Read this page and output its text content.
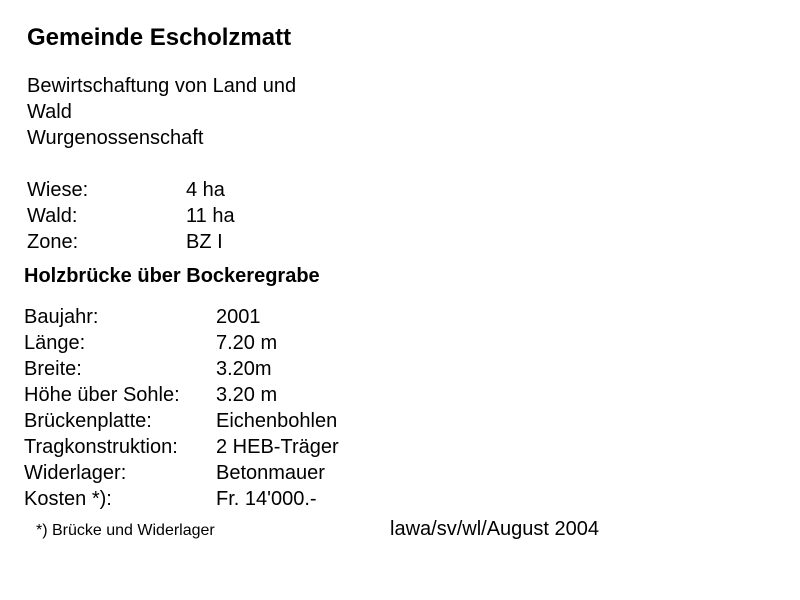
Gemeinde Escholzmatt
Bewirtschaftung von Land und
Wald
Wurgenossenschaft
Wiese:	4 ha
Wald:	11 ha
Zone:	BZ I
Holzbrücke über Bockeregrabe
Baujahr:	2001
Länge:	7.20 m
Breite:	3.20m
Höhe über Sohle:	3.20 m
Brückenplatte:	Eichenbohlen
Tragkonstruktion:	2 HEB-Träger
Widerlager:	Betonmauer
Kosten *):	Fr. 14'000.-
*) Brücke und Widerlager	lawa/sv/wl/August 2004
